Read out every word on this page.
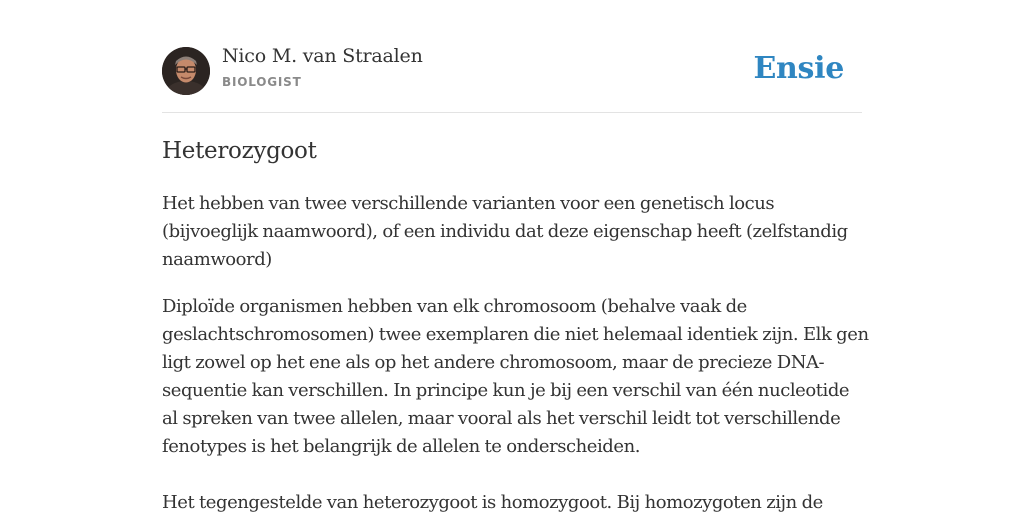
Nico M. van Straalen
BIOLOGIST	Ensie
Heterozygoot

Het hebben van twee verschillende varianten voor een genetisch locus
(bijvoeglijk naamwoord), of een individu dat deze eigenschap heeft (zelfstandig
naamwoord)

Diploïde organismen hebben van elk chromosoom (behalve vaak de
geslachtschromosomen) twee exemplaren die niet helemaal identiek zijn. Elk gen
ligt zowel op het ene als op het andere chromosoom, maar de precieze DNA-
sequentie kan verschillen. In principe kun je bij een verschil van één nucleotide
al spreken van twee allelen, maar vooral als het verschil leidt tot verschillende
fenotypes is het belangrijk de allelen te onderscheiden.

Het tegengestelde van heterozygoot is homozygoot. Bij homozygoten zijn de
